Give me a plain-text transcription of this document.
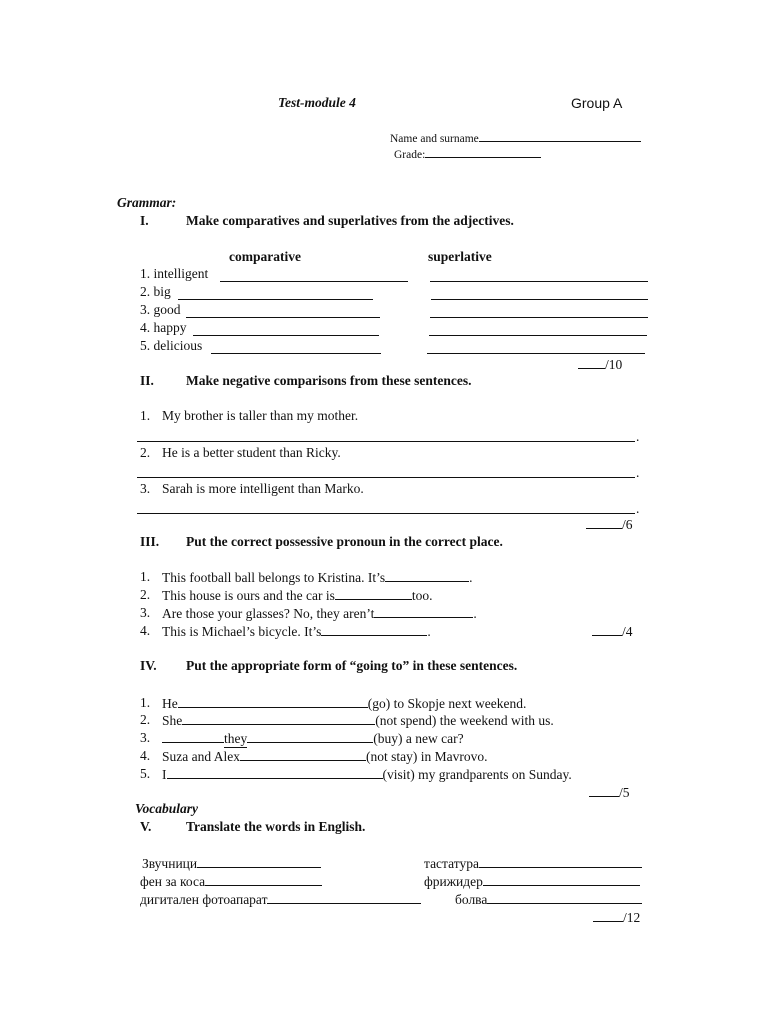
Test-module 4	Group A
Name and surname
Grade:
Grammar:
I.	Make comparatives and superlatives from the adjectives.
comparative	superlative
1. intelligent
2. big
3. good
4. happy
5. delicious
/10
II. Make negative comparisons from these sentences.
1. My brother is taller than my mother.
.
2. He is a better student than Ricky.
.
3. Sarah is more intelligent than Marko.
.
/6
III. Put the correct possessive pronoun in the correct place.
1. This football ball belongs to Kristina. It’s	.
2. This house is ours and the car is	too.
3. Are those your glasses? No, they aren’t	.
4. This is Michael’s bicycle. It’s	.	/4
IV. Put the appropriate form of “going to” in these sentences.
1. He	(go) to Skopje next weekend.
2. She	(not spend) the weekend with us.
3.	they	(buy) a new car?
4. Suza and Alex	(not stay) in Mavrovo.
5. I	(visit) my grandparents on Sunday.
/5
Vocabulary
V.	Translate the words in English.
Звучници	тастатура
фен за коса	фрижидер
дигитален фотоапарат	болва
/12
